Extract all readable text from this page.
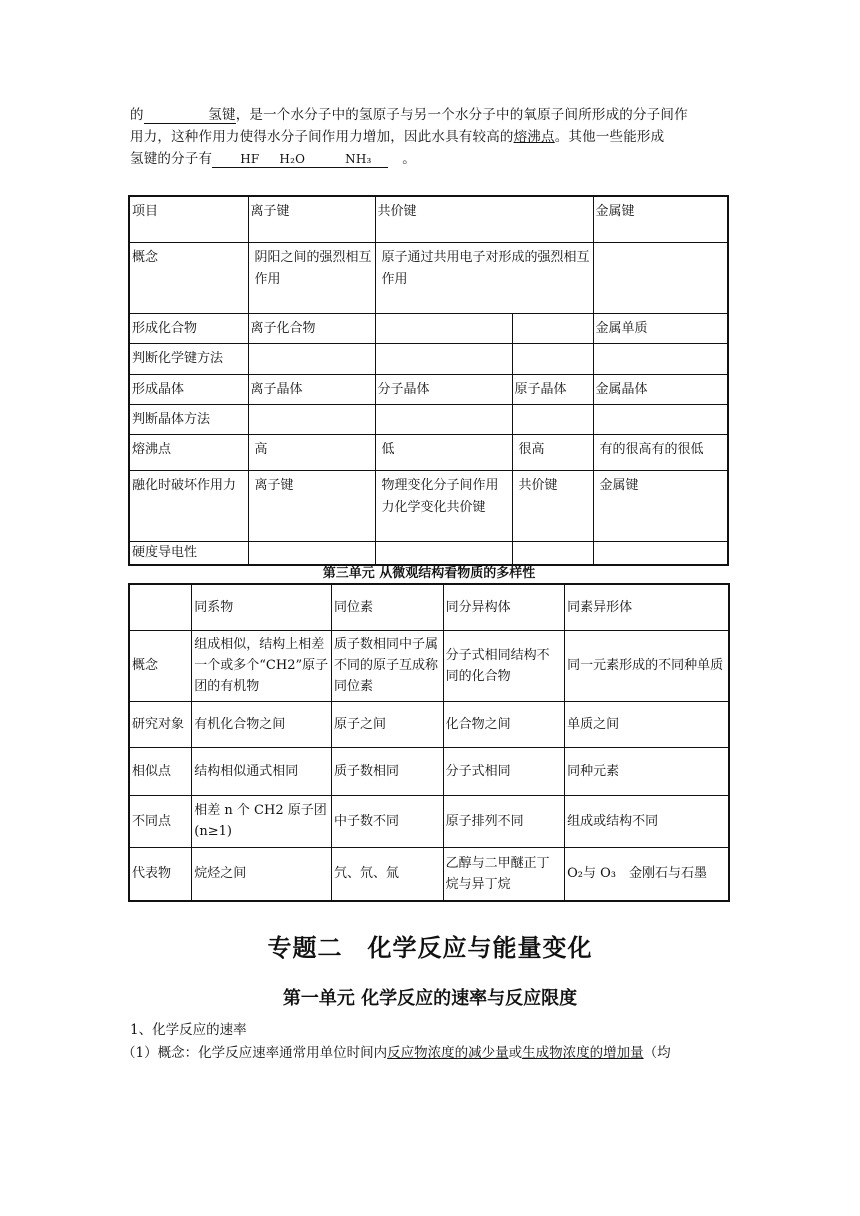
的	氢键，是一个水分子中的氢原子与另一个水分子中的氧原子间所形成的分子间作
用力，这种作用力使得水分子间作用力增加，因此水具有较高的熔沸点。其他一些能形成
氢键的分子有 HF H₂O	NH₃ 。
项目	离子键	共价键		金属键
概念	阴阳之间的强烈相互作用	原子通过共用电子对形成的强烈相互作用		
形成化合物	离子化合物			金属单质
判断化学键方法				
形成晶体	离子晶体	分子晶体	原子晶体	金属晶体
判断晶体方法				
熔沸点	高	低	很高	有的很高有的很低
融化时破坏作用力	离子键	物理变化分子间作用力化学变化共价键	共价键	金属键
硬度导电性				
第三单元 从微观结构看物质的多样性
	同系物	同位素	同分异构体	同素异形体
概念	组成相似，结构上相差一个或多个“CH2”原子团的有机物	质子数相同中子属不同的原子互成称同位素	分子式相同结构不同的化合物	同一元素形成的不同种单质
研究对象	有机化合物之间	原子之间	化合物之间	单质之间
相似点	结构相似通式相同	质子数相同	分子式相同	同种元素
不同点	相差 n 个 CH2 原子团(n≥1)	中子数不同	原子排列不同	组成或结构不同
代表物	烷烃之间	氕、氘、氚	乙醇与二甲醚正丁烷与异丁烷	O₂与 O₃　金刚石与石墨
专题二　化学反应与能量变化
第一单元 化学反应的速率与反应限度
1、化学反应的速率
（1）概念：化学反应速率通常用单位时间内反应物浓度的减少量或生成物浓度的增加量（均
